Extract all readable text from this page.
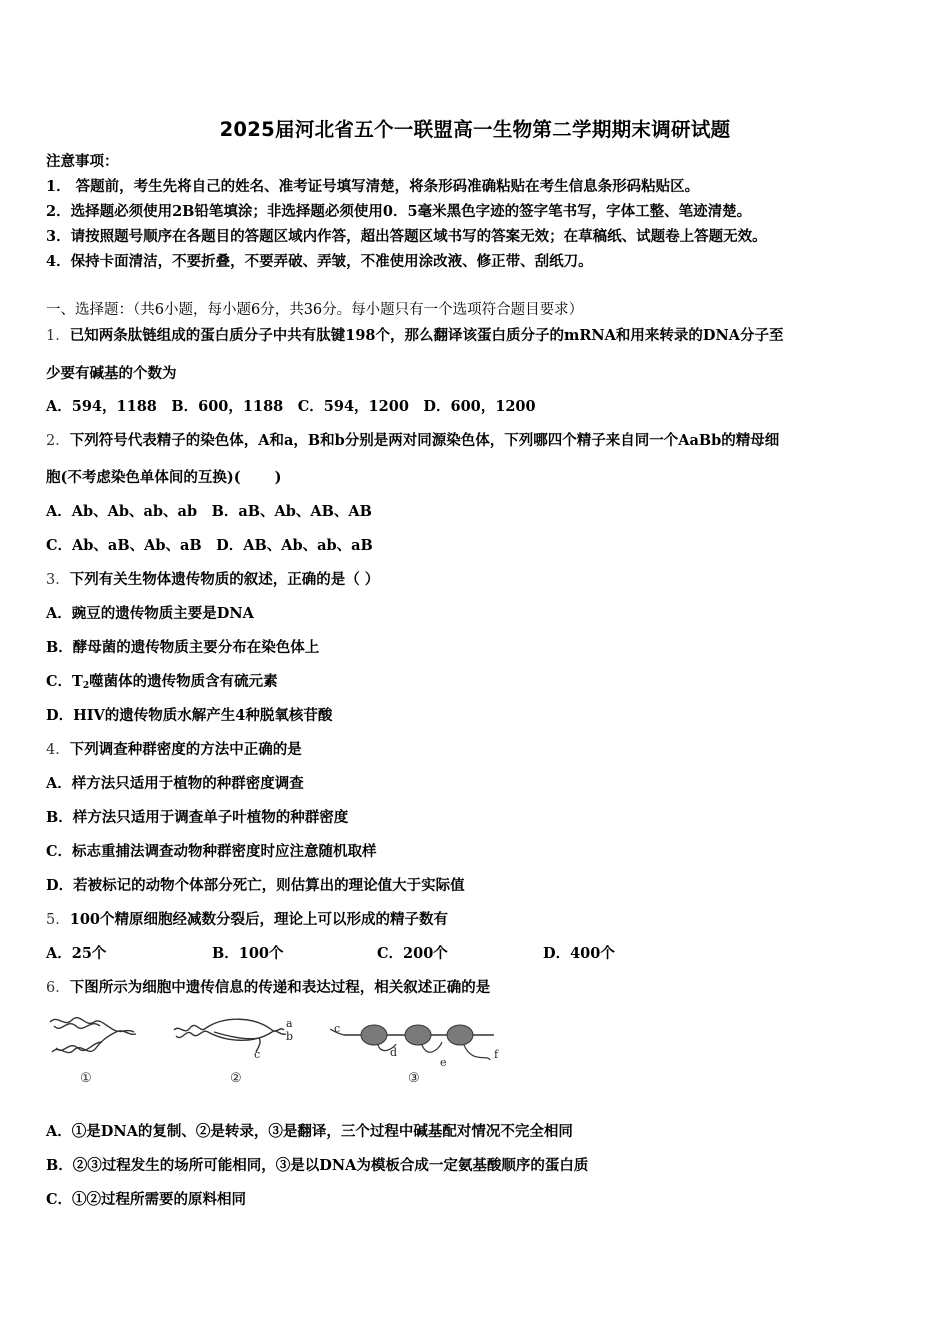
2025届河北省五个一联盟高一生物第二学期期末调研试题
注意事项：
1． 答题前，考生先将自己的姓名、准考证号填写清楚，将条形码准确粘贴在考生信息条形码粘贴区。
2．选择题必须使用2B铅笔填涂；非选择题必须使用0．5毫米黑色字迹的签字笔书写，字体工整、笔迹清楚。
3．请按照题号顺序在各题目的答题区域内作答，超出答题区域书写的答案无效；在草稿纸、试题卷上答题无效。
4．保持卡面清洁，不要折叠，不要弄破、弄皱，不准使用涂改液、修正带、刮纸刀。
一、选择题：（共6小题，每小题6分，共36分。每小题只有一个选项符合题目要求）
1．已知两条肽链组成的蛋白质分子中共有肽键198个，那么翻译该蛋白质分子的mRNA和用来转录的DNA分子至
少要有碱基的个数为
A．594，1188　B．600，1188　C．594，1200　D．600，1200
2．下列符号代表精子的染色体，A和a，B和b分别是两对同源染色体，下列哪四个精子来自同一个AaBb的精母细
胞(不考虑染色单体间的互换)(　　 )
A．Ab、Ab、ab、ab　B．aB、Ab、AB、AB
C．Ab、aB、Ab、aB　D．AB、Ab、ab、aB
3．下列有关生物体遗传物质的叙述，正确的是（ ）
A．豌豆的遗传物质主要是DNA
B．酵母菌的遗传物质主要分布在染色体上
C．$T_2$噬菌体的遗传物质含有硫元素
D．HIV的遗传物质水解产生4种脱氧核苷酸
4．下列调查种群密度的方法中正确的是
A．样方法只适用于植物的种群密度调查
B．样方法只适用于调查单子叶植物的种群密度
C．标志重捕法调查动物种群密度时应注意随机取样
D．若被标记的动物个体部分死亡，则估算出的理论值大于实际值
5．100个精原细胞经减数分裂后，理论上可以形成的精子数有
A．25个	B．100个	C．200个	D．400个
6．下图所示为细胞中遗传信息的传递和表达过程，相关叙述正确的是
a
b
c
c
d
e
f
①	②	③
A．①是DNA的复制、②是转录，③是翻译，三个过程中碱基配对情况不完全相同
B．②③过程发生的场所可能相同，③是以DNA为模板合成一定氨基酸顺序的蛋白质
C．①②过程所需要的原料相同
